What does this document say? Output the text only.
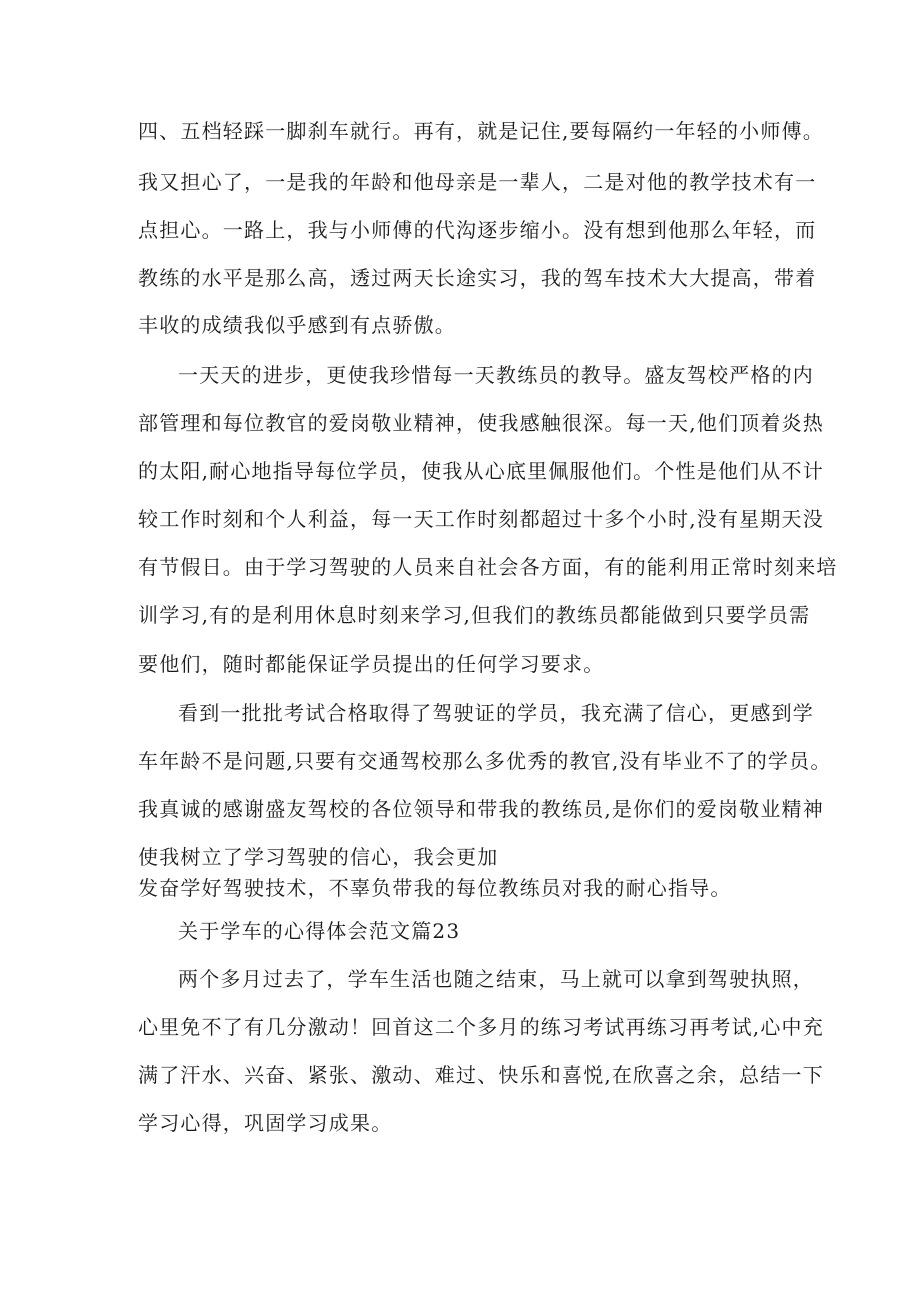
四、五档轻踩一脚刹车就行。再有，就是记住,要每隔约一年轻的小师傅。
我又担心了，一是我的年龄和他母亲是一辈人，二是对他的教学技术有一
点担心。一路上，我与小师傅的代沟逐步缩小。没有想到他那么年轻，而
教练的水平是那么高，透过两天长途实习，我的驾车技术大大提高，带着
丰收的成绩我似乎感到有点骄傲。
一天天的进步，更使我珍惜每一天教练员的教导。盛友驾校严格的内
部管理和每位教官的爱岗敬业精神，使我感触很深。每一天,他们顶着炎热
的太阳,耐心地指导每位学员，使我从心底里佩服他们。个性是他们从不计
较工作时刻和个人利益，每一天工作时刻都超过十多个小时,没有星期天没
有节假日。由于学习驾驶的人员来自社会各方面，有的能利用正常时刻来培
训学习,有的是利用休息时刻来学习,但我们的教练员都能做到只要学员需
要他们，随时都能保证学员提出的任何学习要求。
看到一批批考试合格取得了驾驶证的学员，我充满了信心，更感到学
车年龄不是问题,只要有交通驾校那么多优秀的教官,没有毕业不了的学员。
我真诚的感谢盛友驾校的各位领导和带我的教练员,是你们的爱岗敬业精神
使我树立了学习驾驶的信心，我会更加
发奋学好驾驶技术，不辜负带我的每位教练员对我的耐心指导。
关于学车的心得体会范文篇23
两个多月过去了，学车生活也随之结束，马上就可以拿到驾驶执照，
心里免不了有几分激动！回首这二个多月的练习考试再练习再考试,心中充
满了汗水、兴奋、紧张、激动、难过、快乐和喜悦,在欣喜之余，总结一下
学习心得，巩固学习成果。
